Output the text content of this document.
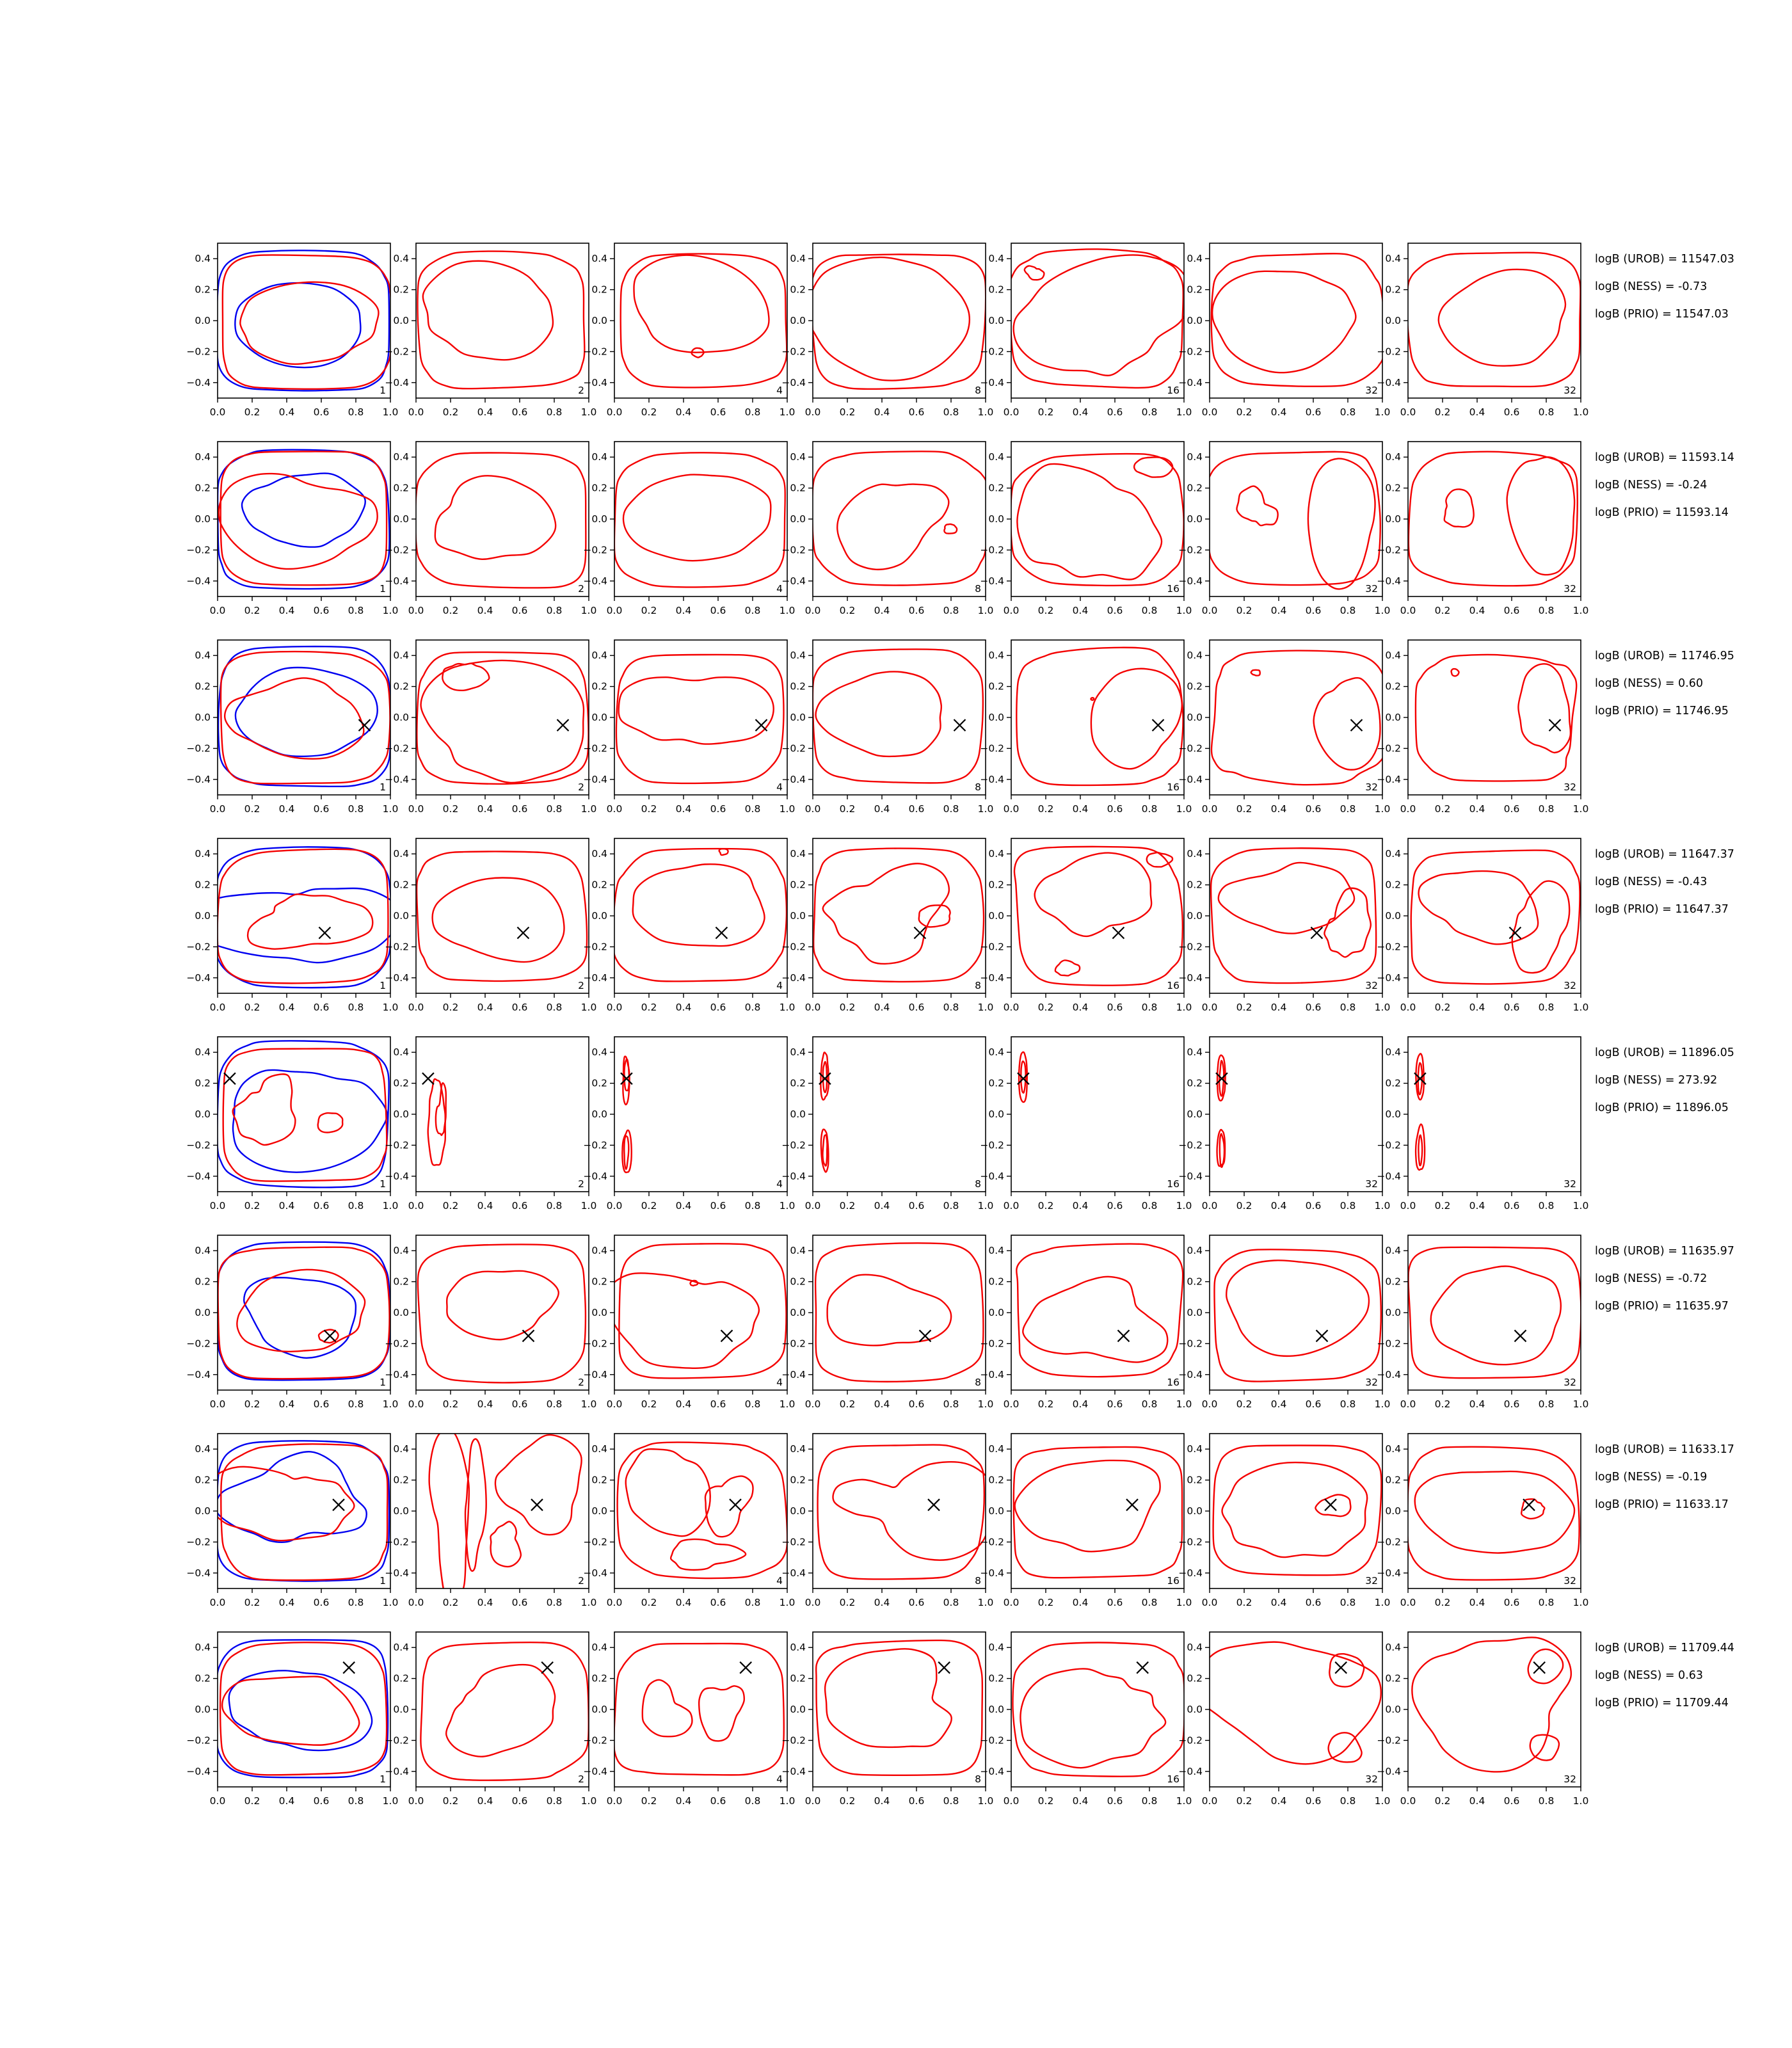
0.0 0.2 0.4 0.6 0.8 1.0
0.4
0.2
0.0
−0.2
−0.4
1
0.0 0.2 0.4 0.6 0.8 1.0
0.4
0.2
0.0
−0.2
−0.4
2
0.0 0.2 0.4 0.6 0.8 1.0
0.4
0.2
0.0
−0.2
−0.4
4
0.0 0.2 0.4 0.6 0.8 1.0
0.4
0.2
0.0
−0.2
−0.4
8
0.0 0.2 0.4 0.6 0.8 1.0
0.4
0.2
0.0
−0.2
−0.4
16
0.0 0.2 0.4 0.6 0.8 1.0
0.4
0.2
0.0
−0.2
−0.4
32
0.0 0.2 0.4 0.6 0.8 1.0
0.4
0.2
0.0
−0.2
−0.4
32
logB (UROB) = 11547.03
logB (NESS) = -0.73
logB (PRIO) = 11547.03
0.0 0.2 0.4 0.6 0.8 1.0
0.4
0.2
0.0
−0.2
−0.4
1
0.0 0.2 0.4 0.6 0.8 1.0
0.4
0.2
0.0
−0.2
−0.4
2
0.0 0.2 0.4 0.6 0.8 1.0
0.4
0.2
0.0
−0.2
−0.4
4
0.0 0.2 0.4 0.6 0.8 1.0
0.4
0.2
0.0
−0.2
−0.4
8
0.0 0.2 0.4 0.6 0.8 1.0
0.4
0.2
0.0
−0.2
−0.4
16
0.0 0.2 0.4 0.6 0.8 1.0
0.4
0.2
0.0
−0.2
−0.4
32
0.0 0.2 0.4 0.6 0.8 1.0
0.4
0.2
0.0
−0.2
−0.4
32
logB (UROB) = 11593.14
logB (NESS) = -0.24
logB (PRIO) = 11593.14
0.0 0.2 0.4 0.6 0.8 1.0
0.4
0.2
0.0
−0.2
−0.4
1
0.0 0.2 0.4 0.6 0.8 1.0
0.4
0.2
0.0
−0.2
−0.4
2
0.0 0.2 0.4 0.6 0.8 1.0
0.4
0.2
0.0
−0.2
−0.4
4
0.0 0.2 0.4 0.6 0.8 1.0
0.4
0.2
0.0
−0.2
−0.4
8
0.0 0.2 0.4 0.6 0.8 1.0
0.4
0.2
0.0
−0.2
−0.4
16
0.0 0.2 0.4 0.6 0.8 1.0
0.4
0.2
0.0
−0.2
−0.4
32
0.0 0.2 0.4 0.6 0.8 1.0
0.4
0.2
0.0
−0.2
−0.4
32
logB (UROB) = 11746.95
logB (NESS) = 0.60
logB (PRIO) = 11746.95
0.0 0.2 0.4 0.6 0.8 1.0
0.4
0.2
0.0
−0.2
−0.4
1
0.0 0.2 0.4 0.6 0.8 1.0
0.4
0.2
0.0
−0.2
−0.4
2
0.0 0.2 0.4 0.6 0.8 1.0
0.4
0.2
0.0
−0.2
−0.4
4
0.0 0.2 0.4 0.6 0.8 1.0
0.4
0.2
0.0
−0.2
−0.4
8
0.0 0.2 0.4 0.6 0.8 1.0
0.4
0.2
0.0
−0.2
−0.4
16
0.0 0.2 0.4 0.6 0.8 1.0
0.4
0.2
0.0
−0.2
−0.4
32
0.0 0.2 0.4 0.6 0.8 1.0
0.4
0.2
0.0
−0.2
−0.4
32
logB (UROB) = 11647.37
logB (NESS) = -0.43
logB (PRIO) = 11647.37
0.0 0.2 0.4 0.6 0.8 1.0
0.4
0.2
0.0
−0.2
−0.4
1
0.0 0.2 0.4 0.6 0.8 1.0
0.4
0.2
0.0
−0.2
−0.4
2
0.0 0.2 0.4 0.6 0.8 1.0
0.4
0.2
0.0
−0.2
−0.4
4
0.0 0.2 0.4 0.6 0.8 1.0
0.4
0.2
0.0
−0.2
−0.4
8
0.0 0.2 0.4 0.6 0.8 1.0
0.4
0.2
0.0
−0.2
−0.4
16
0.0 0.2 0.4 0.6 0.8 1.0
0.4
0.2
0.0
−0.2
−0.4
32
0.0 0.2 0.4 0.6 0.8 1.0
0.4
0.2
0.0
−0.2
−0.4
32
logB (UROB) = 11896.05
logB (NESS) = 273.92
logB (PRIO) = 11896.05
0.0 0.2 0.4 0.6 0.8 1.0
0.4
0.2
0.0
−0.2
−0.4
1
0.0 0.2 0.4 0.6 0.8 1.0
0.4
0.2
0.0
−0.2
−0.4
2
0.0 0.2 0.4 0.6 0.8 1.0
0.4
0.2
0.0
−0.2
−0.4
4
0.0 0.2 0.4 0.6 0.8 1.0
0.4
0.2
0.0
−0.2
−0.4
8
0.0 0.2 0.4 0.6 0.8 1.0
0.4
0.2
0.0
−0.2
−0.4
16
0.0 0.2 0.4 0.6 0.8 1.0
0.4
0.2
0.0
−0.2
−0.4
32
0.0 0.2 0.4 0.6 0.8 1.0
0.4
0.2
0.0
−0.2
−0.4
32
logB (UROB) = 11635.97
logB (NESS) = -0.72
logB (PRIO) = 11635.97
0.0 0.2 0.4 0.6 0.8 1.0
0.4
0.2
0.0
−0.2
−0.4
1
0.0 0.2 0.4 0.6 0.8 1.0
0.4
0.2
0.0
−0.2
−0.4
2
0.0 0.2 0.4 0.6 0.8 1.0
0.4
0.2
0.0
−0.2
−0.4
4
0.0 0.2 0.4 0.6 0.8 1.0
0.4
0.2
0.0
−0.2
−0.4
8
0.0 0.2 0.4 0.6 0.8 1.0
0.4
0.2
0.0
−0.2
−0.4
16
0.0 0.2 0.4 0.6 0.8 1.0
0.4
0.2
0.0
−0.2
−0.4
32
0.0 0.2 0.4 0.6 0.8 1.0
0.4
0.2
0.0
−0.2
−0.4
32
logB (UROB) = 11633.17
logB (NESS) = -0.19
logB (PRIO) = 11633.17
0.0 0.2 0.4 0.6 0.8 1.0
0.4
0.2
0.0
−0.2
−0.4
1
0.0 0.2 0.4 0.6 0.8 1.0
0.4
0.2
0.0
−0.2
−0.4
2
0.0 0.2 0.4 0.6 0.8 1.0
0.4
0.2
0.0
−0.2
−0.4
4
0.0 0.2 0.4 0.6 0.8 1.0
0.4
0.2
0.0
−0.2
−0.4
8
0.0 0.2 0.4 0.6 0.8 1.0
0.4
0.2
0.0
−0.2
−0.4
16
0.0 0.2 0.4 0.6 0.8 1.0
0.4
0.2
0.0
−0.2
−0.4
32
0.0 0.2 0.4 0.6 0.8 1.0
0.4
0.2
0.0
−0.2
−0.4
32
logB (UROB) = 11709.44
logB (NESS) = 0.63
logB (PRIO) = 11709.44
